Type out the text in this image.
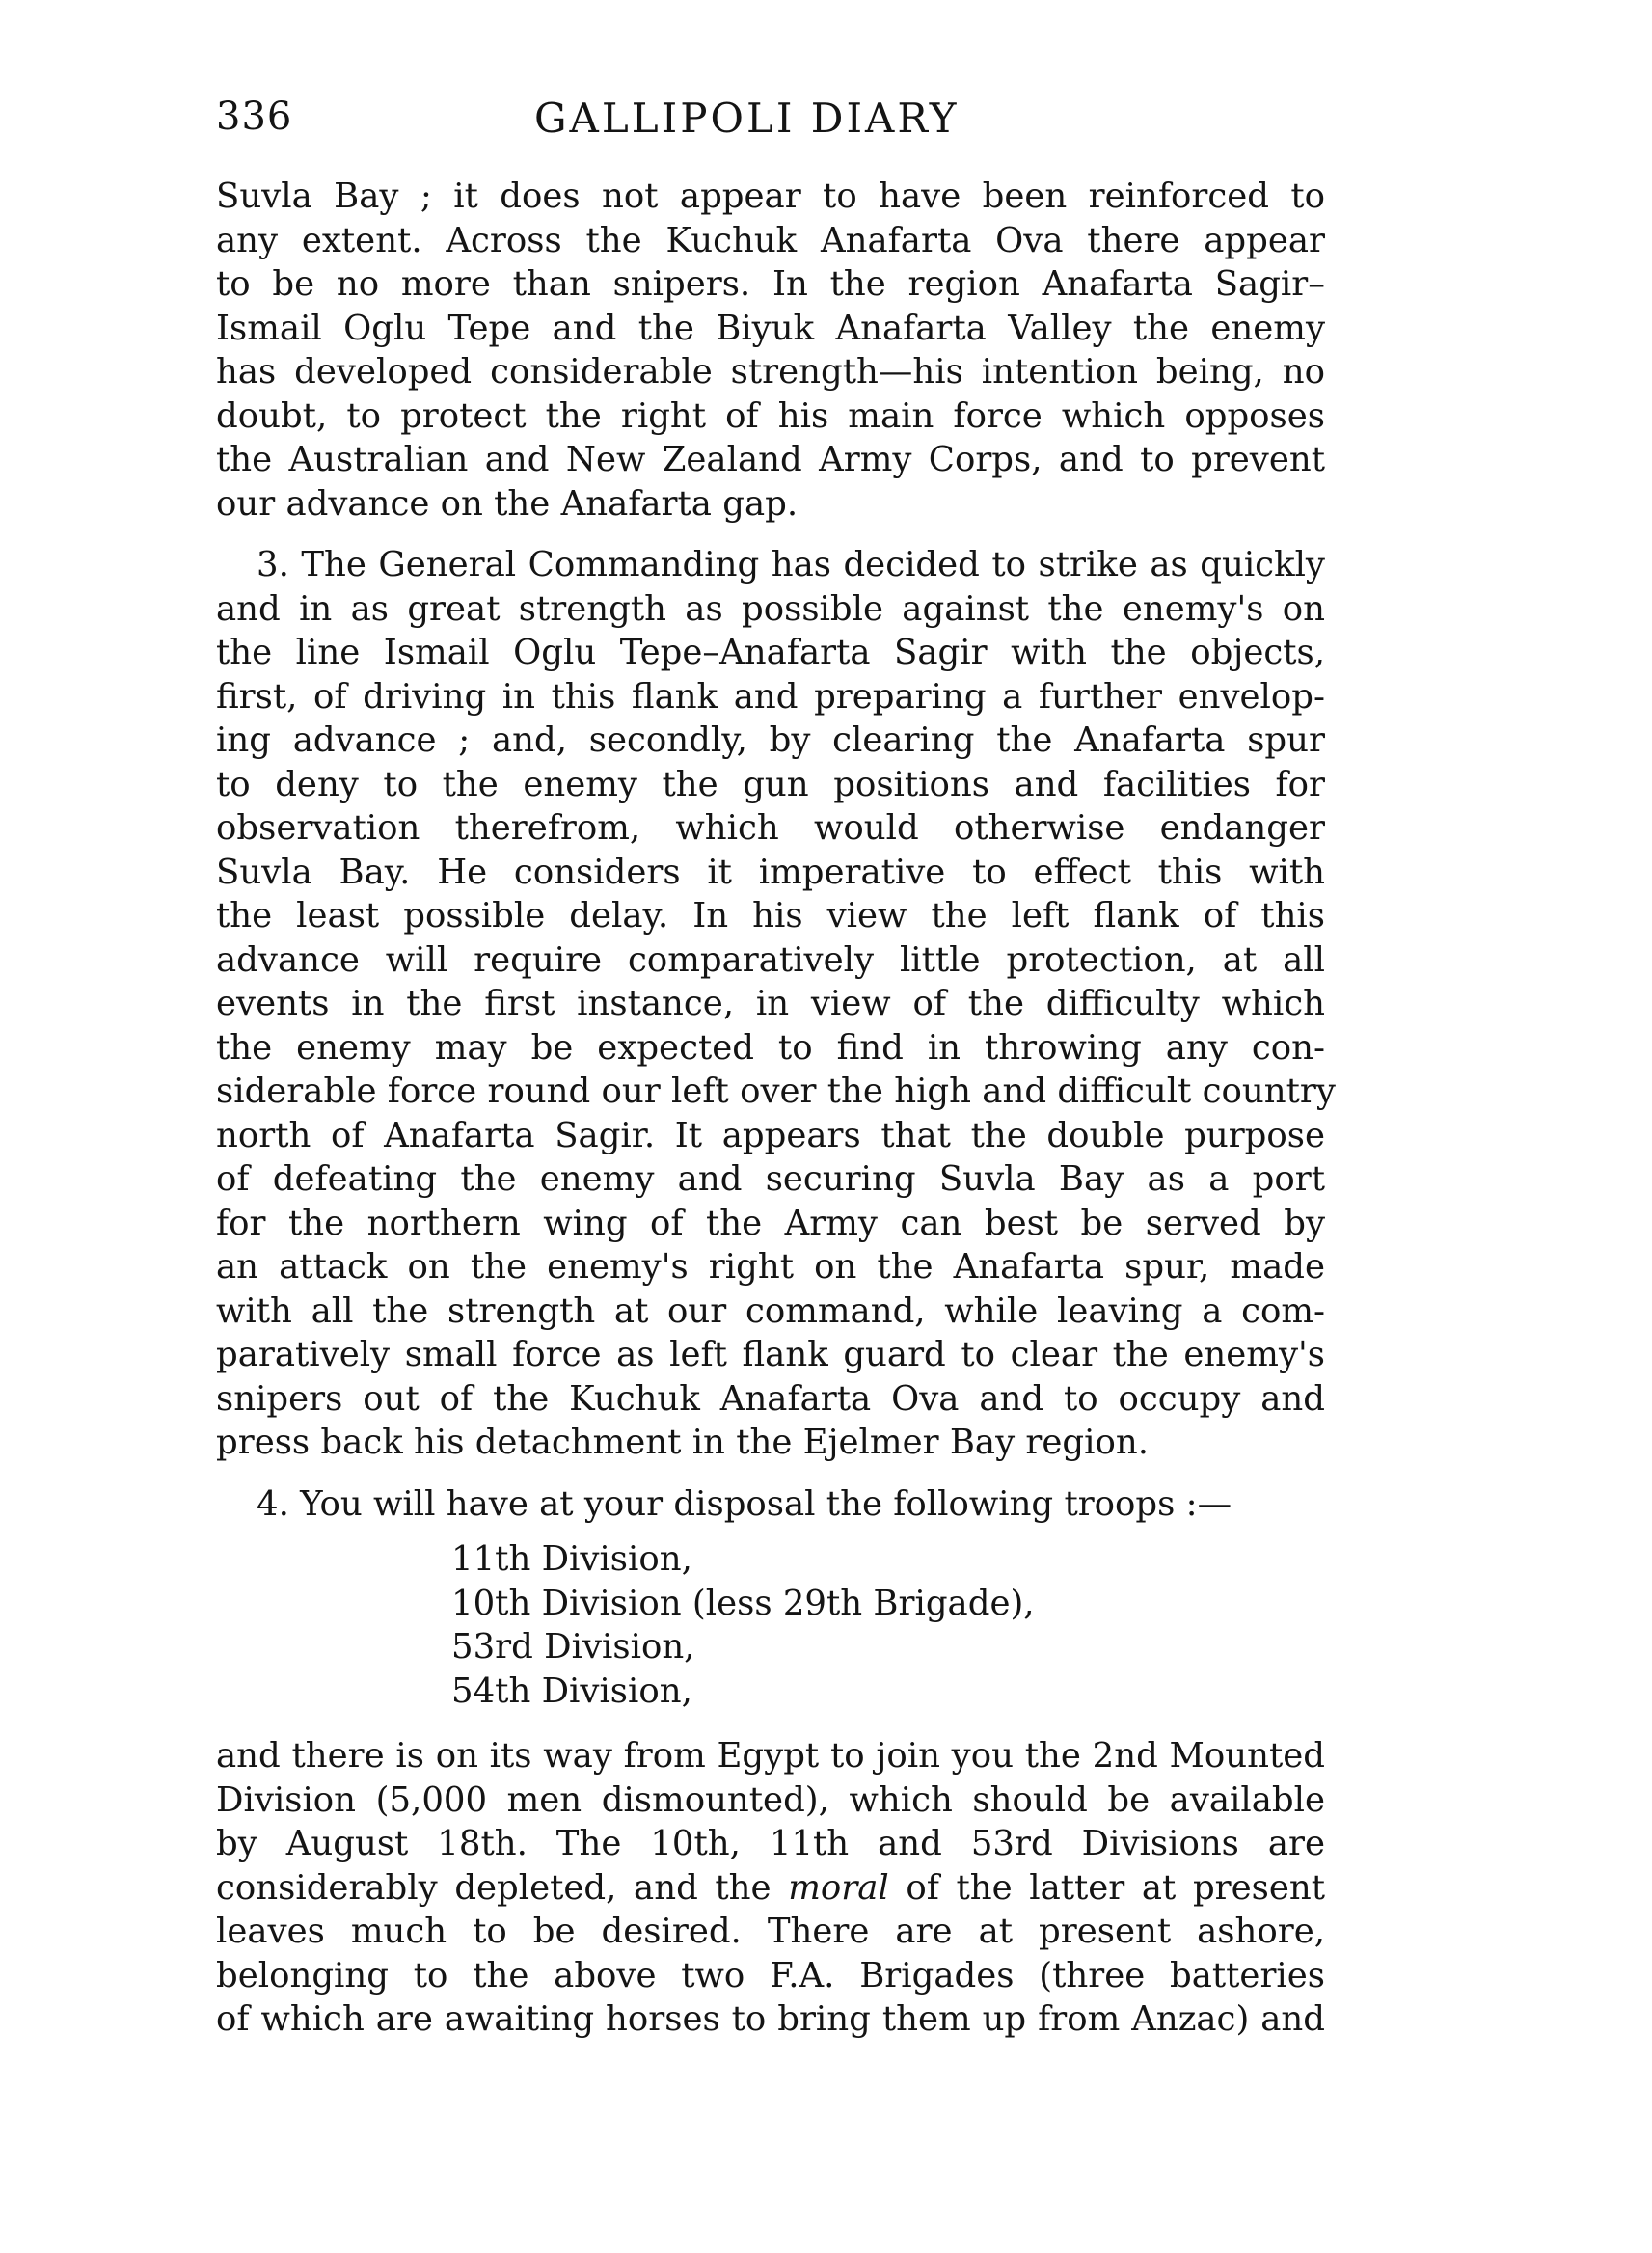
336	GALLIPOLI DIARY
Suvla Bay ; it does not appear to have been reinforced to
any extent. Across the Kuchuk Anafarta Ova there appear
to be no more than snipers. In the region Anafarta Sagir–
Ismail Oglu Tepe and the Biyuk Anafarta Valley the enemy
has developed considerable strength—his intention being, no
doubt, to protect the right of his main force which opposes
the Australian and New Zealand Army Corps, and to prevent
our advance on the Anafarta gap.
3. The General Commanding has decided to strike as quickly
and in as great strength as possible against the enemy's on
the line Ismail Oglu Tepe–Anafarta Sagir with the objects,
first, of driving in this flank and preparing a further envelop-
ing advance ; and, secondly, by clearing the Anafarta spur
to deny to the enemy the gun positions and facilities for
observation therefrom, which would otherwise endanger
Suvla Bay. He considers it imperative to effect this with
the least possible delay. In his view the left flank of this
advance will require comparatively little protection, at all
events in the first instance, in view of the difficulty which
the enemy may be expected to find in throwing any con-
siderable force round our left over the high and difficult country
north of Anafarta Sagir. It appears that the double purpose
of defeating the enemy and securing Suvla Bay as a port
for the northern wing of the Army can best be served by
an attack on the enemy's right on the Anafarta spur, made
with all the strength at our command, while leaving a com-
paratively small force as left flank guard to clear the enemy's
snipers out of the Kuchuk Anafarta Ova and to occupy and
press back his detachment in the Ejelmer Bay region.
4. You will have at your disposal the following troops :—
11th Division,
10th Division (less 29th Brigade),
53rd Division,
54th Division,
and there is on its way from Egypt to join you the 2nd Mounted
Division (5,000 men dismounted), which should be available
by August 18th. The 10th, 11th and 53rd Divisions are
considerably depleted, and the moral of the latter at present
leaves much to be desired. There are at present ashore,
belonging to the above two F.A. Brigades (three batteries
of which are awaiting horses to bring them up from Anzac) and
